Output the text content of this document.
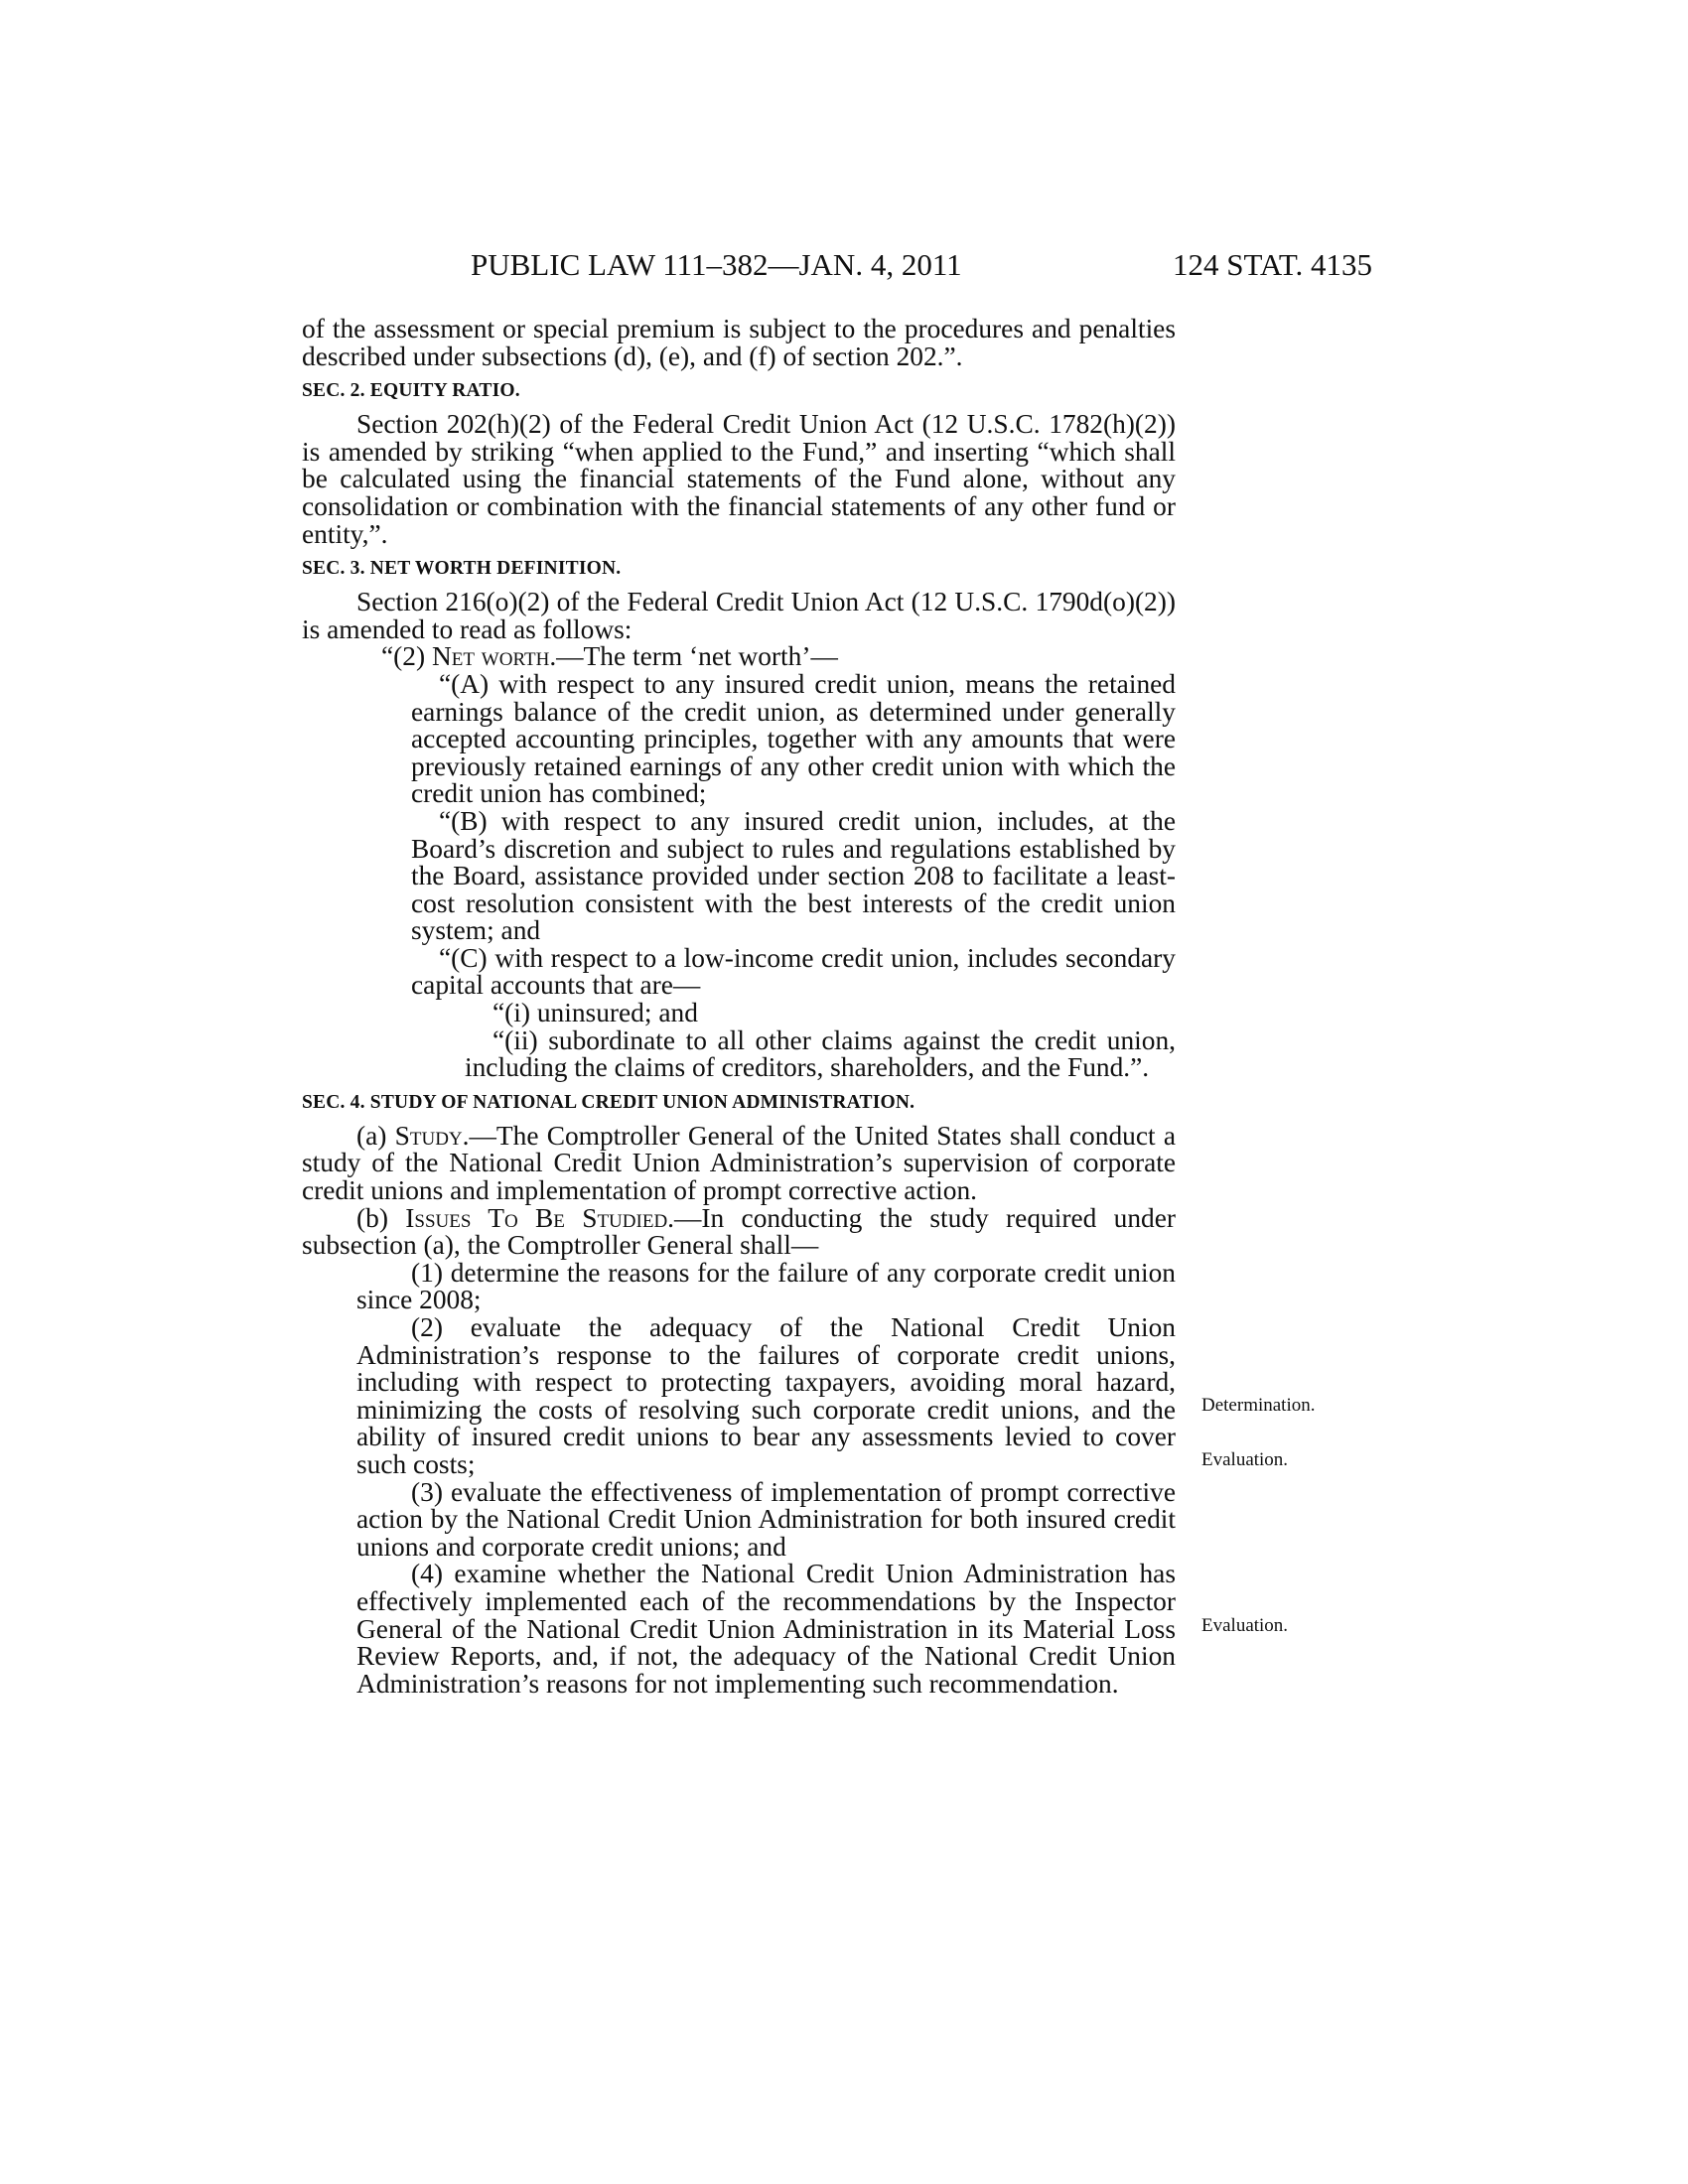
PUBLIC LAW 111–382—JAN. 4, 2011	124 STAT. 4135

of the assessment or special premium is subject to the procedures and penalties described under subsections (d), (e), and (f) of section 202.”.

SEC. 2. EQUITY RATIO.

Section 202(h)(2) of the Federal Credit Union Act (12 U.S.C. 1782(h)(2)) is amended by striking “when applied to the Fund,” and inserting “which shall be calculated using the financial statements of the Fund alone, without any consolidation or combination with the financial statements of any other fund or entity,”.

SEC. 3. NET WORTH DEFINITION.

Section 216(o)(2) of the Federal Credit Union Act (12 U.S.C. 1790d(o)(2)) is amended to read as follows:

“(2) Net worth.—The term ‘net worth’—

“(A) with respect to any insured credit union, means the retained earnings balance of the credit union, as determined under generally accepted accounting principles, together with any amounts that were previously retained earnings of any other credit union with which the credit union has combined;

“(B) with respect to any insured credit union, includes, at the Board’s discretion and subject to rules and regulations established by the Board, assistance provided under section 208 to facilitate a least-cost resolution consistent with the best interests of the credit union system; and

“(C) with respect to a low-income credit union, includes secondary capital accounts that are—

“(i) uninsured; and

“(ii) subordinate to all other claims against the credit union, including the claims of creditors, shareholders, and the Fund.”.

SEC. 4. STUDY OF NATIONAL CREDIT UNION ADMINISTRATION.

(a) Study.—The Comptroller General of the United States shall conduct a study of the National Credit Union Administration’s supervision of corporate credit unions and implementation of prompt corrective action.

(b) Issues To Be Studied.—In conducting the study required under subsection (a), the Comptroller General shall—

(1) determine the reasons for the failure of any corporate credit union since 2008;

(2) evaluate the adequacy of the National Credit Union Administration’s response to the failures of corporate credit unions, including with respect to protecting taxpayers, avoiding moral hazard, minimizing the costs of resolving such corporate credit unions, and the ability of insured credit unions to bear any assessments levied to cover such costs;

(3) evaluate the effectiveness of implementation of prompt corrective action by the National Credit Union Administration for both insured credit unions and corporate credit unions; and

(4) examine whether the National Credit Union Administration has effectively implemented each of the recommendations by the Inspector General of the National Credit Union Administration in its Material Loss Review Reports, and, if not, the adequacy of the National Credit Union Administration’s reasons for not implementing such recommendation.

Determination.
Evaluation.
Evaluation.
